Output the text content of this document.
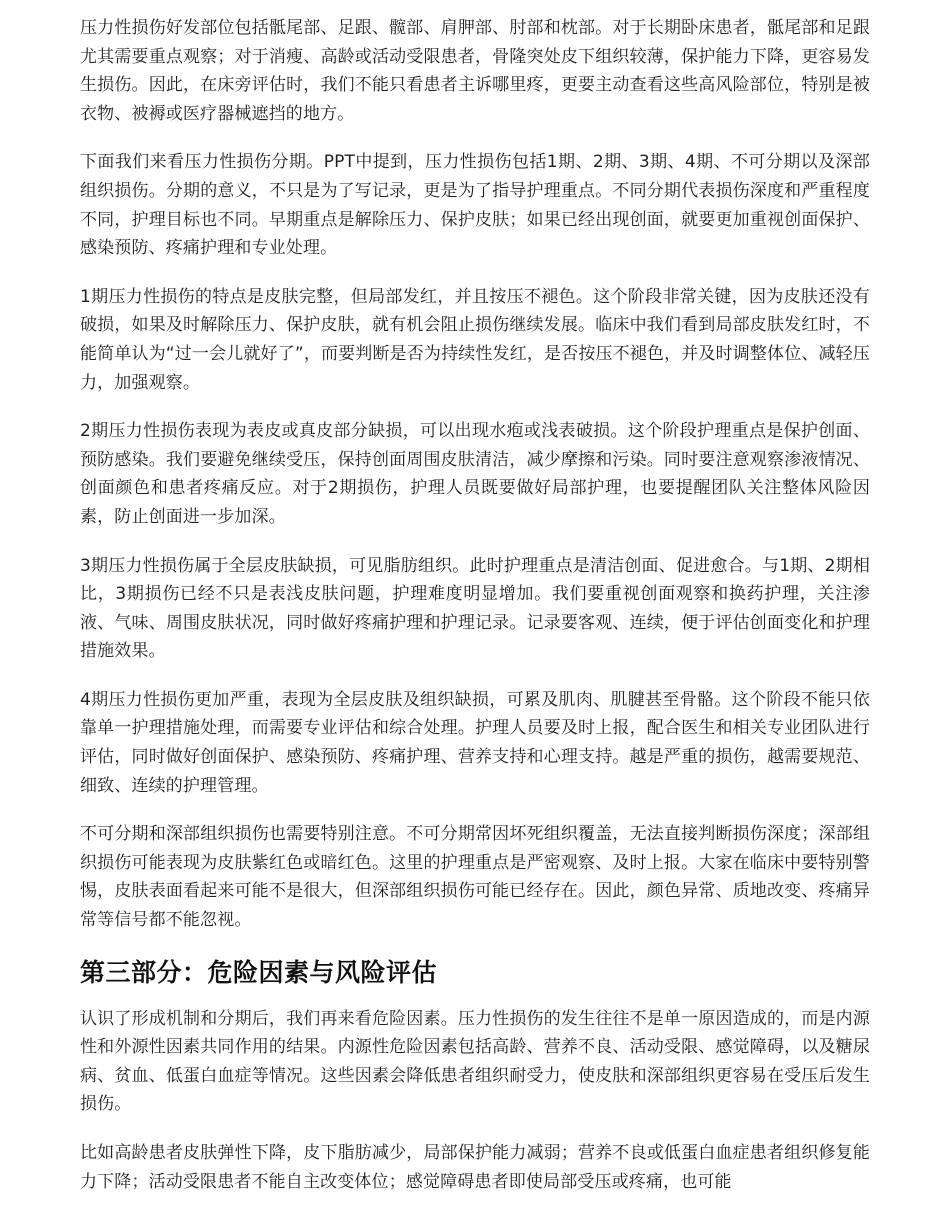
压力性损伤好发部位包括骶尾部、足跟、髋部、肩胛部、肘部和枕部。对于长期卧床患者，骶尾部和足跟尤其需要重点观察；对于消瘦、高龄或活动受限患者，骨隆突处皮下组织较薄，保护能力下降，更容易发生损伤。因此，在床旁评估时，我们不能只看患者主诉哪里疼，更要主动查看这些高风险部位，特别是被衣物、被褥或医疗器械遮挡的地方。

下面我们来看压力性损伤分期。PPT中提到，压力性损伤包括1期、2期、3期、4期、不可分期以及深部组织损伤。分期的意义，不只是为了写记录，更是为了指导护理重点。不同分期代表损伤深度和严重程度不同，护理目标也不同。早期重点是解除压力、保护皮肤；如果已经出现创面，就要更加重视创面保护、感染预防、疼痛护理和专业处理。

1期压力性损伤的特点是皮肤完整，但局部发红，并且按压不褪色。这个阶段非常关键，因为皮肤还没有破损，如果及时解除压力、保护皮肤，就有机会阻止损伤继续发展。临床中我们看到局部皮肤发红时，不能简单认为“过一会儿就好了”，而要判断是否为持续性发红，是否按压不褪色，并及时调整体位、减轻压力，加强观察。

2期压力性损伤表现为表皮或真皮部分缺损，可以出现水疱或浅表破损。这个阶段护理重点是保护创面、预防感染。我们要避免继续受压，保持创面周围皮肤清洁，减少摩擦和污染。同时要注意观察渗液情况、创面颜色和患者疼痛反应。对于2期损伤，护理人员既要做好局部护理，也要提醒团队关注整体风险因素，防止创面进一步加深。

3期压力性损伤属于全层皮肤缺损，可见脂肪组织。此时护理重点是清洁创面、促进愈合。与1期、2期相比，3期损伤已经不只是表浅皮肤问题，护理难度明显增加。我们要重视创面观察和换药护理，关注渗液、气味、周围皮肤状况，同时做好疼痛护理和护理记录。记录要客观、连续，便于评估创面变化和护理措施效果。

4期压力性损伤更加严重，表现为全层皮肤及组织缺损，可累及肌肉、肌腱甚至骨骼。这个阶段不能只依靠单一护理措施处理，而需要专业评估和综合处理。护理人员要及时上报，配合医生和相关专业团队进行评估，同时做好创面保护、感染预防、疼痛护理、营养支持和心理支持。越是严重的损伤，越需要规范、细致、连续的护理管理。

不可分期和深部组织损伤也需要特别注意。不可分期常因坏死组织覆盖，无法直接判断损伤深度；深部组织损伤可能表现为皮肤紫红色或暗红色。这里的护理重点是严密观察、及时上报。大家在临床中要特别警惕，皮肤表面看起来可能不是很大，但深部组织损伤可能已经存在。因此，颜色异常、质地改变、疼痛异常等信号都不能忽视。

第三部分：危险因素与风险评估

认识了形成机制和分期后，我们再来看危险因素。压力性损伤的发生往往不是单一原因造成的，而是内源性和外源性因素共同作用的结果。内源性危险因素包括高龄、营养不良、活动受限、感觉障碍，以及糖尿病、贫血、低蛋白血症等情况。这些因素会降低患者组织耐受力，使皮肤和深部组织更容易在受压后发生损伤。

比如高龄患者皮肤弹性下降，皮下脂肪减少，局部保护能力减弱；营养不良或低蛋白血症患者组织修复能力下降；活动受限患者不能自主改变体位；感觉障碍患者即使局部受压或疼痛，也可能
